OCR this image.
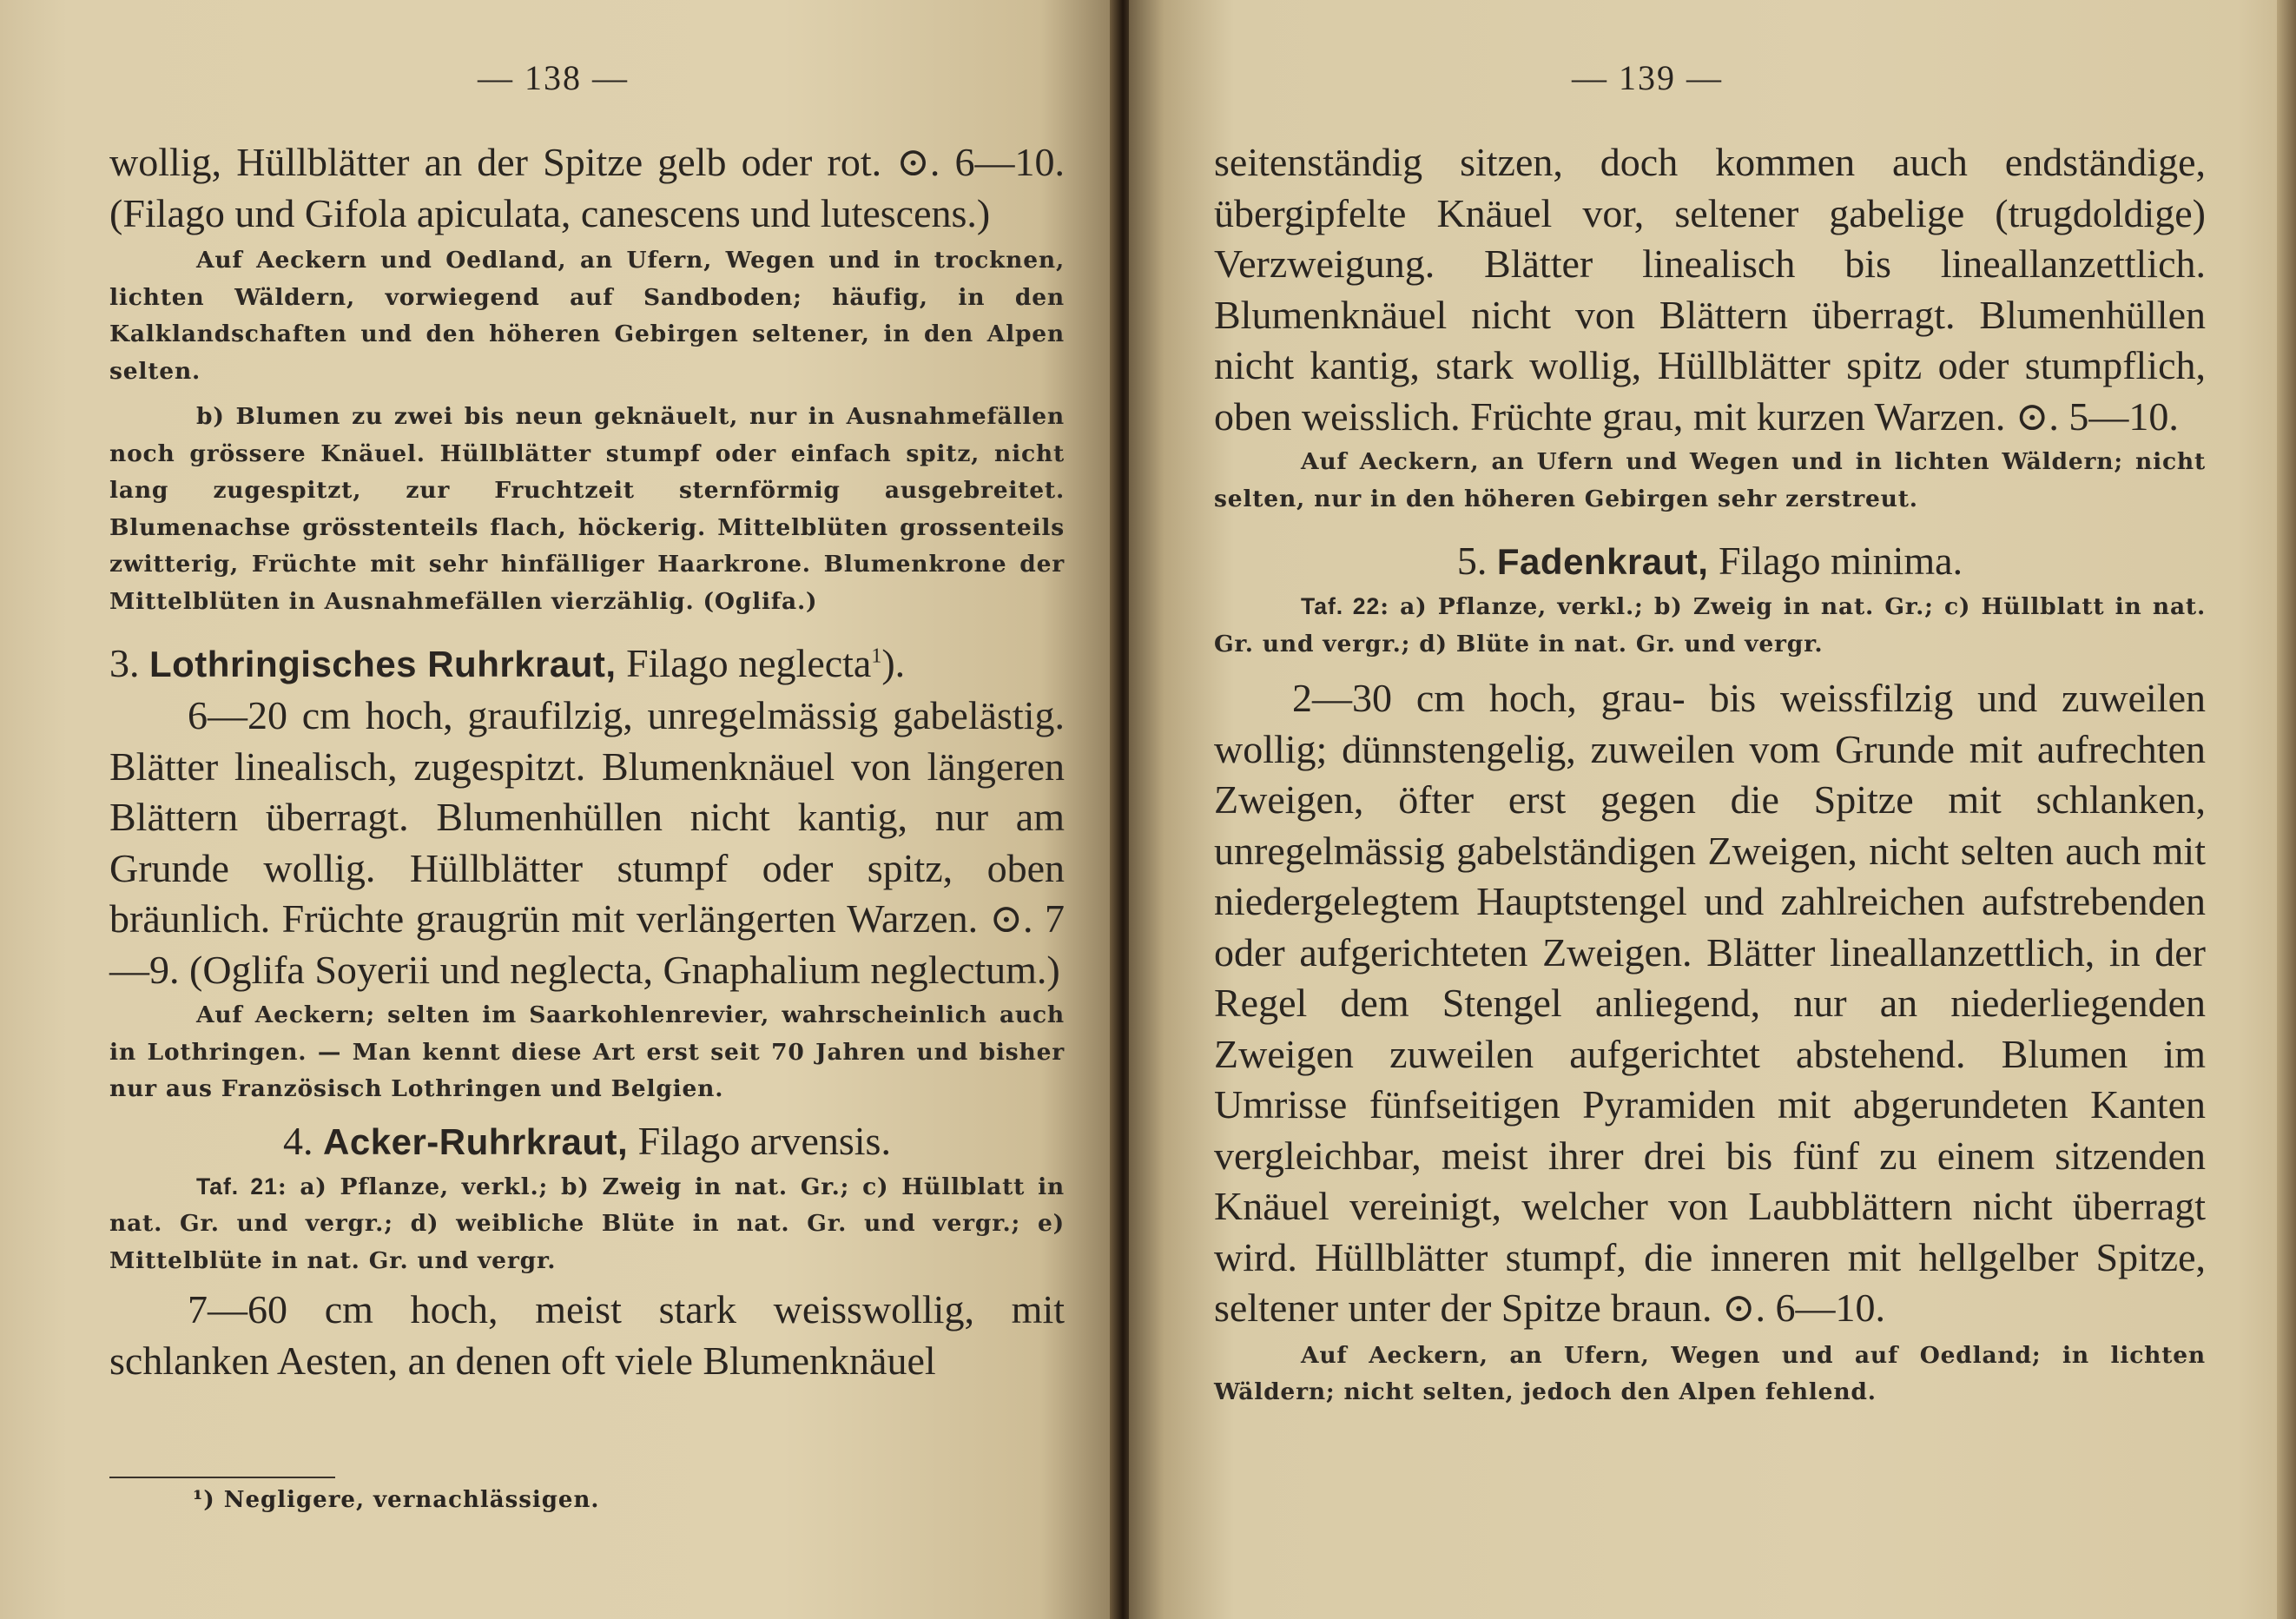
— 138 —

wollig, Hüllblätter an der Spitze gelb oder rot. ⊙. 6—10. (Filago und Gifola apiculata, canescens und lutescens.)

Auf Aeckern und Oedland, an Ufern, Wegen und in trocknen, lichten Wäldern, vorwiegend auf Sandboden; häufig, in den Kalklandschaften und den höheren Gebirgen seltener, in den Alpen selten.

b) Blumen zu zwei bis neun geknäuelt, nur in Ausnahmefällen noch grössere Knäuel. Hüllblätter stumpf oder einfach spitz, nicht lang zugespitzt, zur Fruchtzeit sternförmig ausgebreitet. Blumenachse grösstenteils flach, höckerig. Mittelblüten grossenteils zwitterig, Früchte mit sehr hinfälliger Haarkrone. Blumenkrone der Mittelblüten in Ausnahmefällen vierzählig. (Oglifa.)

3. Lothringisches Ruhrkraut, Filago neglecta$^1$).

6—20 cm hoch, graufilzig, unregelmässig gabelästig. Blätter linealisch, zugespitzt. Blumenknäuel von längeren Blättern überragt. Blumenhüllen nicht kantig, nur am Grunde wollig. Hüllblätter stumpf oder spitz, oben bräunlich. Früchte graugrün mit verlängerten Warzen. ⊙. 7—9. (Oglifa Soyerii und neglecta, Gnaphalium neglectum.)

Auf Aeckern; selten im Saarkohlenrevier, wahrscheinlich auch in Lothringen. — Man kennt diese Art erst seit 70 Jahren und bisher nur aus Französisch Lothringen und Belgien.

4. Acker-Ruhrkraut, Filago arvensis.

Taf. 21: a) Pflanze, verkl.; b) Zweig in nat. Gr.; c) Hüllblatt in nat. Gr. und vergr.; d) weibliche Blüte in nat. Gr. und vergr.; e) Mittelblüte in nat. Gr. und vergr.

7—60 cm hoch, meist stark weisswollig, mit schlanken Aesten, an denen oft viele Blumenknäuel

¹) Negligere, vernachlässigen.

— 139 —

seitenständig sitzen, doch kommen auch endständige, übergipfelte Knäuel vor, seltener gabelige (trugdoldige) Verzweigung. Blätter linealisch bis lineallanzettlich. Blumenknäuel nicht von Blättern überragt. Blumenhüllen nicht kantig, stark wollig, Hüllblätter spitz oder stumpflich, oben weisslich. Früchte grau, mit kurzen Warzen. ⊙. 5—10.

Auf Aeckern, an Ufern und Wegen und in lichten Wäldern; nicht selten, nur in den höheren Gebirgen sehr zerstreut.

5. Fadenkraut, Filago minima.

Taf. 22: a) Pflanze, verkl.; b) Zweig in nat. Gr.; c) Hüllblatt in nat. Gr. und vergr.; d) Blüte in nat. Gr. und vergr.

2—30 cm hoch, grau- bis weissfilzig und zuweilen wollig; dünnstengelig, zuweilen vom Grunde mit aufrechten Zweigen, öfter erst gegen die Spitze mit schlanken, unregelmässig gabelständigen Zweigen, nicht selten auch mit niedergelegtem Hauptstengel und zahlreichen aufstrebenden oder aufgerichteten Zweigen. Blätter lineallanzettlich, in der Regel dem Stengel anliegend, nur an niederliegenden Zweigen zuweilen aufgerichtet abstehend. Blumen im Umrisse fünfseitigen Pyramiden mit abgerundeten Kanten vergleichbar, meist ihrer drei bis fünf zu einem sitzenden Knäuel vereinigt, welcher von Laubblättern nicht überragt wird. Hüllblätter stumpf, die inneren mit hellgelber Spitze, seltener unter der Spitze braun. ⊙. 6—10.

Auf Aeckern, an Ufern, Wegen und auf Oedland; in lichten Wäldern; nicht selten, jedoch den Alpen fehlend.
